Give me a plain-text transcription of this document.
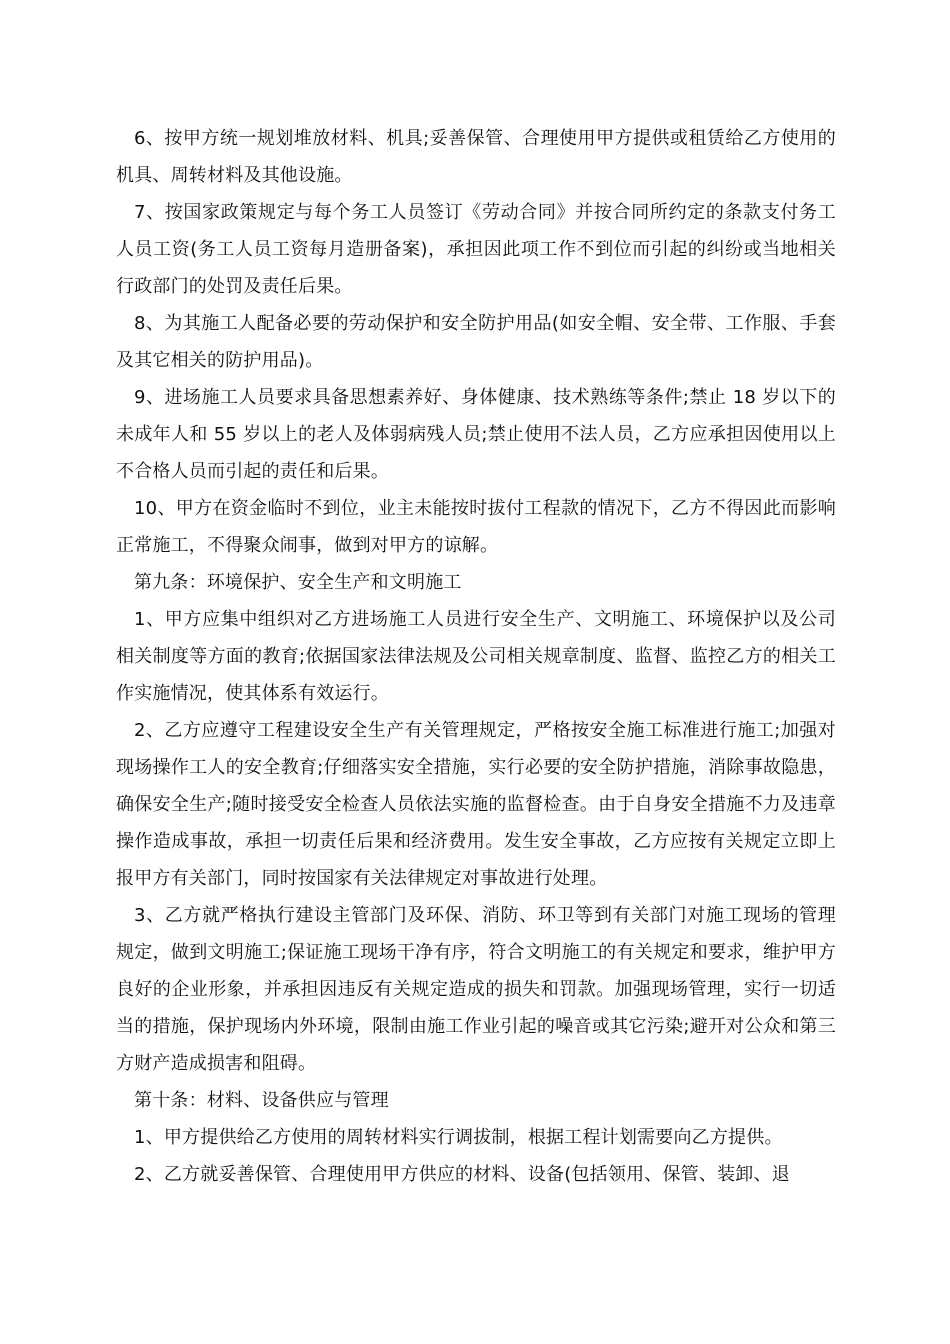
6、按甲方统一规划堆放材料、机具;妥善保管、合理使用甲方提供或租赁给乙方使用的机具、周转材料及其他设施。

7、按国家政策规定与每个务工人员签订《劳动合同》并按合同所约定的条款支付务工人员工资(务工人员工资每月造册备案)，承担因此项工作不到位而引起的纠纷或当地相关行政部门的处罚及责任后果。

8、为其施工人配备必要的劳动保护和安全防护用品(如安全帽、安全带、工作服、手套及其它相关的防护用品)。

9、进场施工人员要求具备思想素养好、身体健康、技术熟练等条件;禁止 18 岁以下的未成年人和 55 岁以上的老人及体弱病残人员;禁止使用不法人员，乙方应承担因使用以上不合格人员而引起的责任和后果。

10、甲方在资金临时不到位，业主未能按时拔付工程款的情况下，乙方不得因此而影响正常施工，不得聚众闹事，做到对甲方的谅解。

第九条：环境保护、安全生产和文明施工

1、甲方应集中组织对乙方进场施工人员进行安全生产、文明施工、环境保护以及公司相关制度等方面的教育;依据国家法律法规及公司相关规章制度、监督、监控乙方的相关工作实施情况，使其体系有效运行。

2、乙方应遵守工程建设安全生产有关管理规定，严格按安全施工标准进行施工;加强对现场操作工人的安全教育;仔细落实安全措施，实行必要的安全防护措施，消除事故隐患，确保安全生产;随时接受安全检查人员依法实施的监督检查。由于自身安全措施不力及违章操作造成事故，承担一切责任后果和经济费用。发生安全事故，乙方应按有关规定立即上报甲方有关部门，同时按国家有关法律规定对事故进行处理。

3、乙方就严格执行建设主管部门及环保、消防、环卫等到有关部门对施工现场的管理规定，做到文明施工;保证施工现场干净有序，符合文明施工的有关规定和要求，维护甲方良好的企业形象，并承担因违反有关规定造成的损失和罚款。加强现场管理，实行一切适当的措施，保护现场内外环境，限制由施工作业引起的噪音或其它污染;避开对公众和第三方财产造成损害和阻碍。

第十条：材料、设备供应与管理

1、甲方提供给乙方使用的周转材料实行调拔制，根据工程计划需要向乙方提供。

2、乙方就妥善保管、合理使用甲方供应的材料、设备(包括领用、保管、装卸、退
